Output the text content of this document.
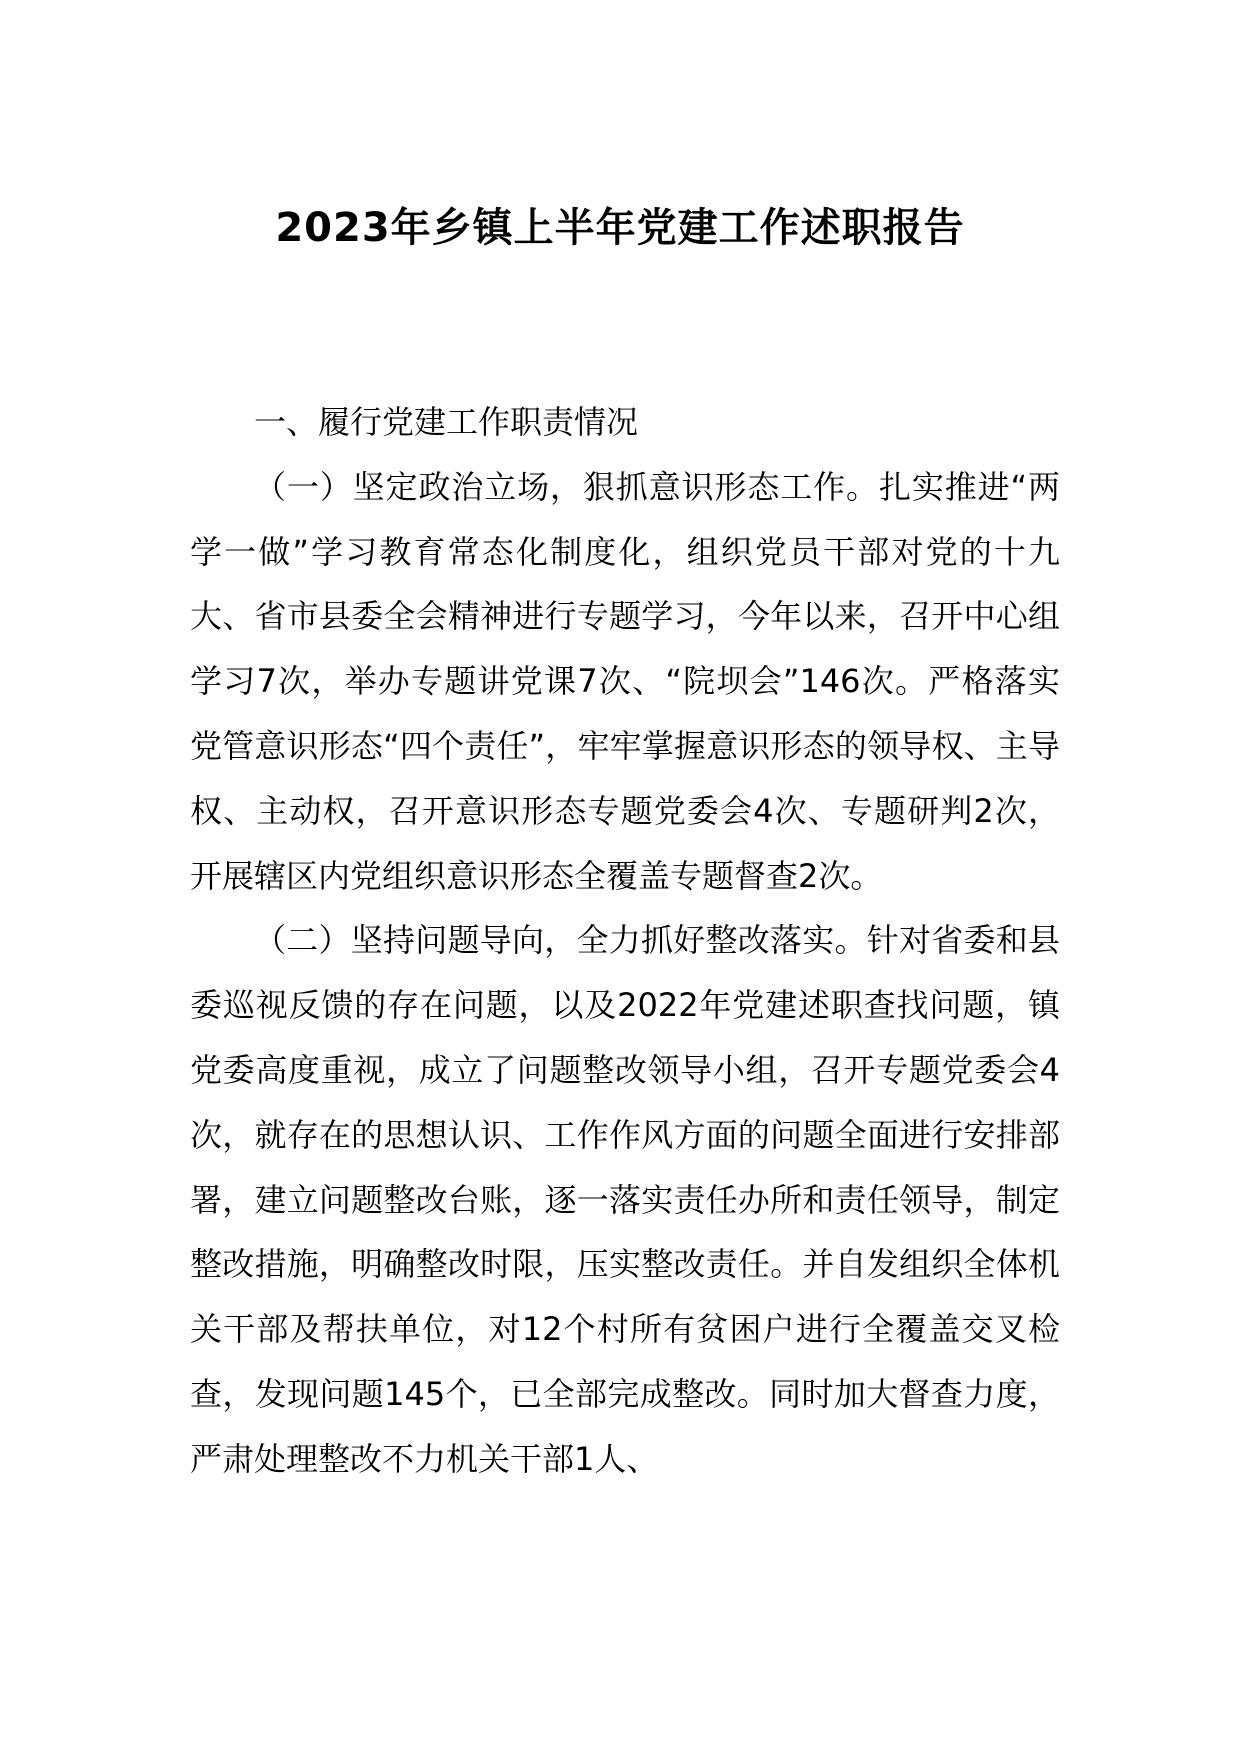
2023年乡镇上半年党建工作述职报告
一、履行党建工作职责情况

（一）坚定政治立场，狠抓意识形态工作。扎实推进“两学一做”学习教育常态化制度化，组织党员干部对党的十九大、省市县委全会精神进行专题学习，今年以来，召开中心组学习7次，举办专题讲党课7次、“院坝会”146次。严格落实党管意识形态“四个责任”，牢牢掌握意识形态的领导权、主导权、主动权，召开意识形态专题党委会4次、专题研判2次，开展辖区内党组织意识形态全覆盖专题督查2次。

（二）坚持问题导向，全力抓好整改落实。针对省委和县委巡视反馈的存在问题，以及2022年党建述职查找问题，镇党委高度重视，成立了问题整改领导小组，召开专题党委会4次，就存在的思想认识、工作作风方面的问题全面进行安排部署，建立问题整改台账，逐一落实责任办所和责任领导，制定整改措施，明确整改时限，压实整改责任。并自发组织全体机关干部及帮扶单位，对12个村所有贫困户进行全覆盖交叉检查，发现问题145个，已全部完成整改。同时加大督查力度，严肃处理整改不力机关干部1人、
